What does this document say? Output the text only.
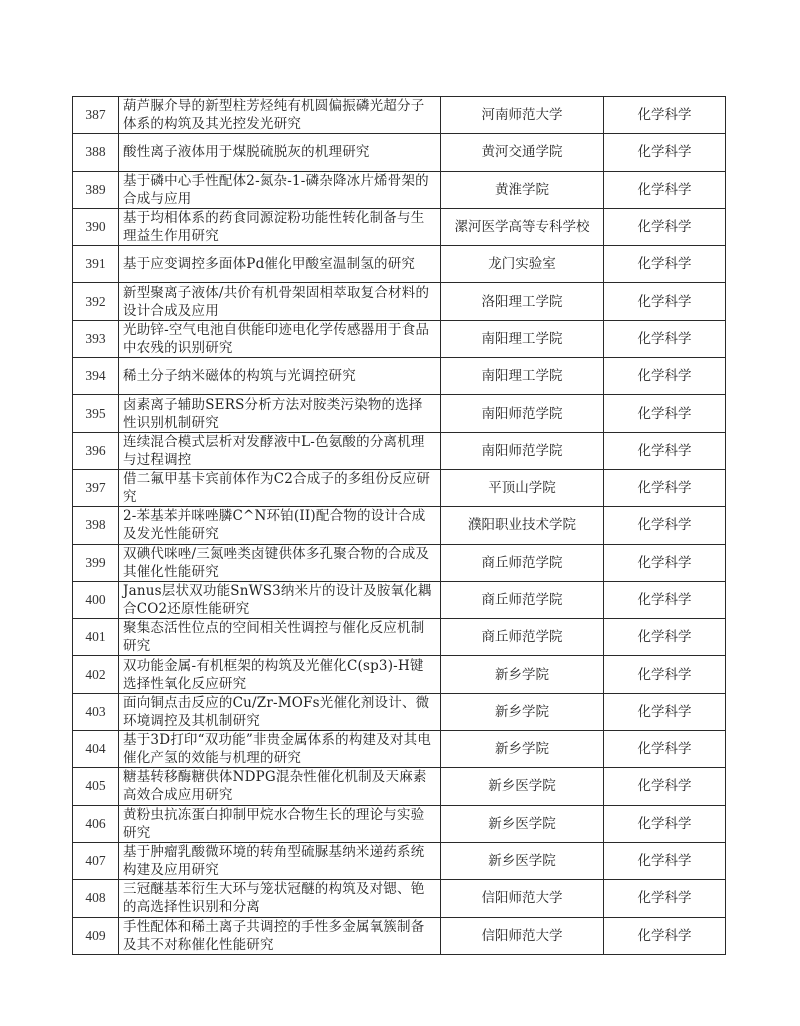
387	葫芦脲介导的新型柱芳烃纯有机圆偏振磷光超分子体系的构筑及其光控发光研究	河南师范大学	化学科学
388	酸性离子液体用于煤脱硫脱灰的机理研究	黄河交通学院	化学科学
389	基于磷中心手性配体2-氮杂-1-磷杂降冰片烯骨架的合成与应用	黄淮学院	化学科学
390	基于均相体系的药食同源淀粉功能性转化制备与生理益生作用研究	漯河医学高等专科学校	化学科学
391	基于应变调控多面体Pd催化甲酸室温制氢的研究	龙门实验室	化学科学
392	新型聚离子液体/共价有机骨架固相萃取复合材料的设计合成及应用	洛阳理工学院	化学科学
393	光助锌-空气电池自供能印迹电化学传感器用于食品中农残的识别研究	南阳理工学院	化学科学
394	稀土分子纳米磁体的构筑与光调控研究	南阳理工学院	化学科学
395	卤素离子辅助SERS分析方法对胺类污染物的选择性识别机制研究	南阳师范学院	化学科学
396	连续混合模式层析对发酵液中L-色氨酸的分离机理与过程调控	南阳师范学院	化学科学
397	借二氟甲基卡宾前体作为C2合成子的多组份反应研究	平顶山学院	化学科学
398	2-苯基苯并咪唑膦C^N环铂(II)配合物的设计合成及发光性能研究	濮阳职业技术学院	化学科学
399	双碘代咪唑/三氮唑类卤键供体多孔聚合物的合成及其催化性能研究	商丘师范学院	化学科学
400	Janus层状双功能SnWS3纳米片的设计及胺氧化耦合CO2还原性能研究	商丘师范学院	化学科学
401	聚集态活性位点的空间相关性调控与催化反应机制研究	商丘师范学院	化学科学
402	双功能金属-有机框架的构筑及光催化C(sp3)-H键选择性氧化反应研究	新乡学院	化学科学
403	面向铜点击反应的Cu/Zr-MOFs光催化剂设计、微环境调控及其机制研究	新乡学院	化学科学
404	基于3D打印“双功能”非贵金属体系的构建及对其电催化产氢的效能与机理的研究	新乡学院	化学科学
405	糖基转移酶糖供体NDPG混杂性催化机制及天麻素高效合成应用研究	新乡医学院	化学科学
406	黄粉虫抗冻蛋白抑制甲烷水合物生长的理论与实验研究	新乡医学院	化学科学
407	基于肿瘤乳酸微环境的转角型硫脲基纳米递药系统构建及应用研究	新乡医学院	化学科学
408	三冠醚基苯衍生大环与笼状冠醚的构筑及对锶、铯的高选择性识别和分离	信阳师范大学	化学科学
409	手性配体和稀土离子共调控的手性多金属氧簇制备及其不对称催化性能研究	信阳师范大学	化学科学
